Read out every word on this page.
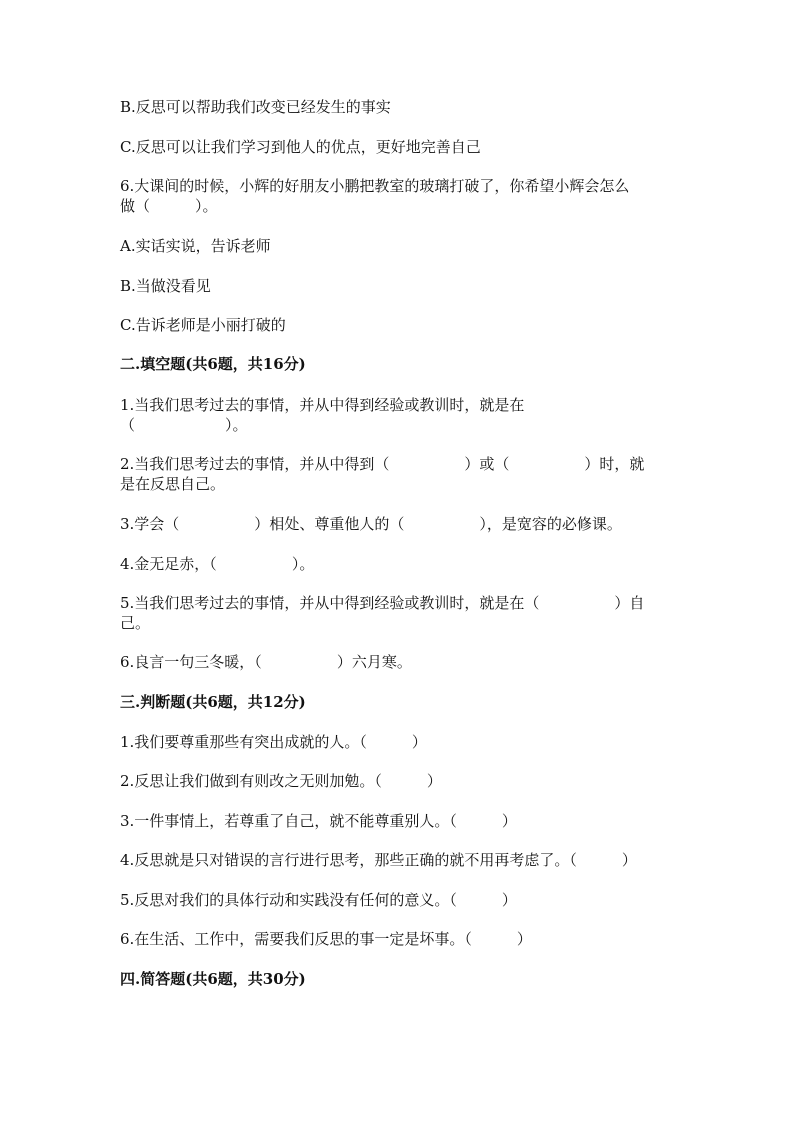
B.反思可以帮助我们改变已经发生的事实
C.反思可以让我们学习到他人的优点，更好地完善自己
6.大课间的时候，小辉的好朋友小鹏把教室的玻璃打破了，你希望小辉会怎么
做（　　　）。
A.实话实说，告诉老师
B.当做没看见
C.告诉老师是小丽打破的
二.填空题(共6题，共16分)
1.当我们思考过去的事情，并从中得到经验或教训时，就是在
（　　　　　　）。
2.当我们思考过去的事情，并从中得到（　　　　　）或（　　　　　）时，就
是在反思自己。
3.学会（　　　　　）相处、尊重他人的（　　　　　），是宽容的必修课。
4.金无足赤，（　　　　　）。
5.当我们思考过去的事情，并从中得到经验或教训时，就是在（　　　　　）自
己。
6.良言一句三冬暖，（　　　　　）六月寒。
三.判断题(共6题，共12分)
1.我们要尊重那些有突出成就的人。（　　　）
2.反思让我们做到有则改之无则加勉。（　　　）
3.一件事情上，若尊重了自己，就不能尊重别人。（　　　）
4.反思就是只对错误的言行进行思考，那些正确的就不用再考虑了。（　　　）
5.反思对我们的具体行动和实践没有任何的意义。（　　　）
6.在生活、工作中，需要我们反思的事一定是坏事。（　　　）
四.简答题(共6题，共30分)
